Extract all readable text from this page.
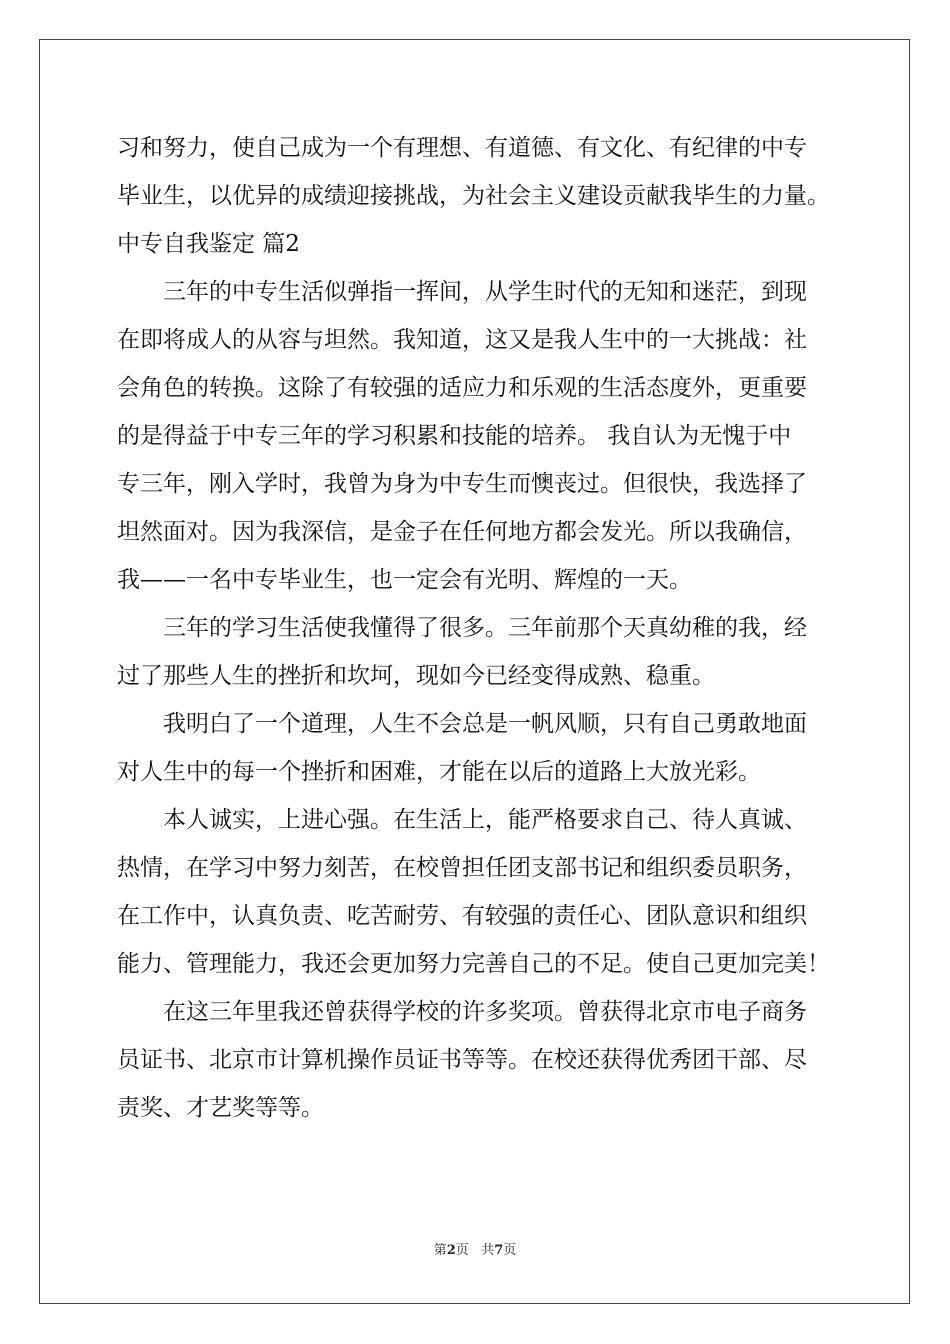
习和努力，使自己成为一个有理想、有道德、有文化、有纪律的中专
毕业生，以优异的成绩迎接挑战，为社会主义建设贡献我毕生的力量。
中专自我鉴定 篇2
三年的中专生活似弹指一挥间，从学生时代的无知和迷茫，到现
在即将成人的从容与坦然。我知道，这又是我人生中的一大挑战：社
会角色的转换。这除了有较强的适应力和乐观的生活态度外，更重要
的是得益于中专三年的学习积累和技能的培养。 我自认为无愧于中
专三年，刚入学时，我曾为身为中专生而懊丧过。但很快，我选择了
坦然面对。因为我深信，是金子在任何地方都会发光。所以我确信，
我——一名中专毕业生，也一定会有光明、辉煌的一天。
三年的学习生活使我懂得了很多。三年前那个天真幼稚的我，经
过了那些人生的挫折和坎坷，现如今已经变得成熟、稳重。
我明白了一个道理，人生不会总是一帆风顺，只有自己勇敢地面
对人生中的每一个挫折和困难，才能在以后的道路上大放光彩。
本人诚实，上进心强。在生活上，能严格要求自己、待人真诚、
热情，在学习中努力刻苦，在校曾担任团支部书记和组织委员职务，
在工作中，认真负责、吃苦耐劳、有较强的责任心、团队意识和组织
能力、管理能力，我还会更加努力完善自己的不足。使自己更加完美！
在这三年里我还曾获得学校的许多奖项。曾获得北京市电子商务
员证书、北京市计算机操作员证书等等。在校还获得优秀团干部、尽
责奖、才艺奖等等。
第2页 共7页
